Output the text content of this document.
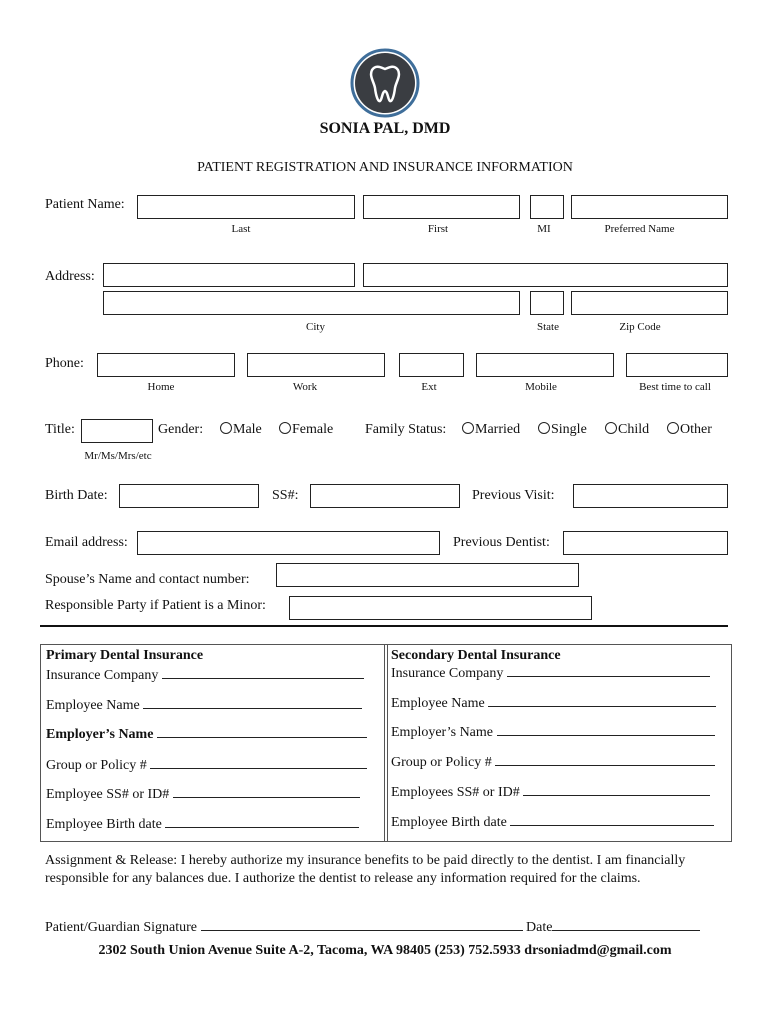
SONIA PAL, DMD
PATIENT REGISTRATION AND INSURANCE INFORMATION
Patient Name:
Last	First	MI	Preferred Name
Address:
City	State	Zip Code
Phone:
Home	Work	Ext	Mobile	Best time to call
Title:
Mr/Ms/Mrs/etc
Gender:	Male	Female Family Status:	Married	Single	Child	Other
Birth Date:	SS#:	Previous Visit:
Email address:	Previous Dentist:
Spouse’s Name and contact number:
Responsible Party if Patient is a Minor:
Primary Dental Insurance
Insurance Company
Employee Name
Employer’s Name
Group or Policy #
Employee SS# or ID#
Employee Birth date
Secondary Dental Insurance
Insurance Company
Employee Name
Employer’s Name
Group or Policy #
Employees SS# or ID#
Employee Birth date
Assignment & Release: I hereby authorize my insurance benefits to be paid directly to the dentist. I am financially responsible for any balances due. I authorize the dentist to release any information required for the claims.
Patient/Guardian Signature	Date
2302 South Union Avenue Suite A-2, Tacoma, WA 98405 (253) 752.5933 drsoniadmd@gmail.com
